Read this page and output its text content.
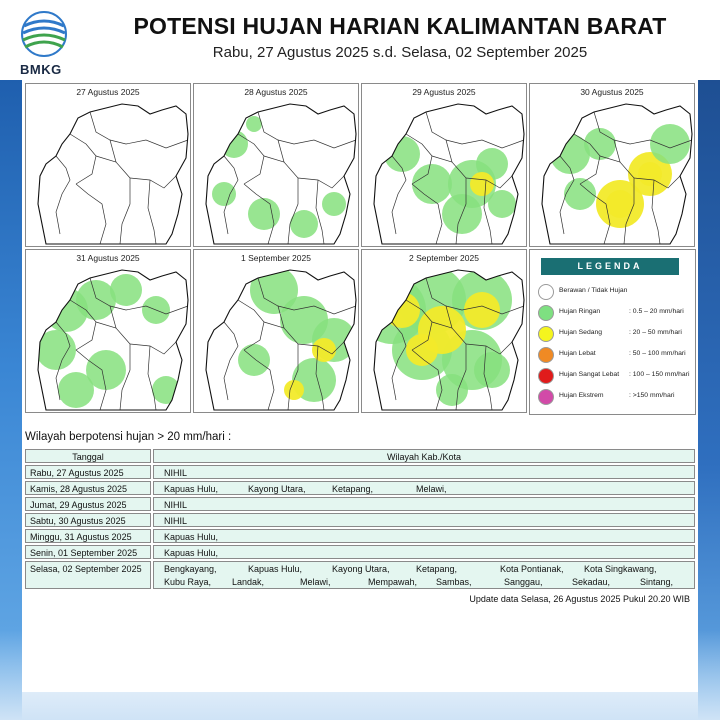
BMKG
POTENSI HUJAN HARIAN KALIMANTAN BARAT
Rabu, 27 Agustus 2025 s.d. Selasa, 02 September 2025
27 Agustus 2025	28 Agustus 2025	29 Agustus 2025	30 Agustus 2025
31 Agustus 2025	1 September 2025	2 September 2025
LEGENDA
Berawan / Tidak Hujan
Hujan Ringan	: 0.5 – 20 mm/hari
Hujan Sedang	: 20 – 50 mm/hari
Hujan Lebat	: 50 – 100 mm/hari
Hujan Sangat Lebat : 100 – 150 mm/hari
Hujan Ekstrem	: >150 mm/hari
Wilayah berpotensi hujan > 20 mm/hari :
Tanggal	Wilayah Kab./Kota
Rabu, 27 Agustus 2025	NIHIL
Kamis, 28 Agustus 2025	Kapuas Hulu,	Kayong Utara,	Ketapang,	Melawi,
Jumat, 29 Agustus 2025	NIHIL
Sabtu, 30 Agustus 2025	NIHIL
Minggu, 31 Agustus 2025	Kapuas Hulu,
Senin, 01 September 2025	Kapuas Hulu,
Selasa, 02 September 2025 Bengkayang,	Kapuas Hulu,	Kayong Utara,	Ketapang,	Kota Pontianak, Kota Singkawang,
Kubu Raya, Landak,	Melawi,	Mempawah, Sambas,	Sanggau,	Sekadau,	Sintang,
Update data Selasa, 26 Agustus 2025 Pukul 20.20 WIB
